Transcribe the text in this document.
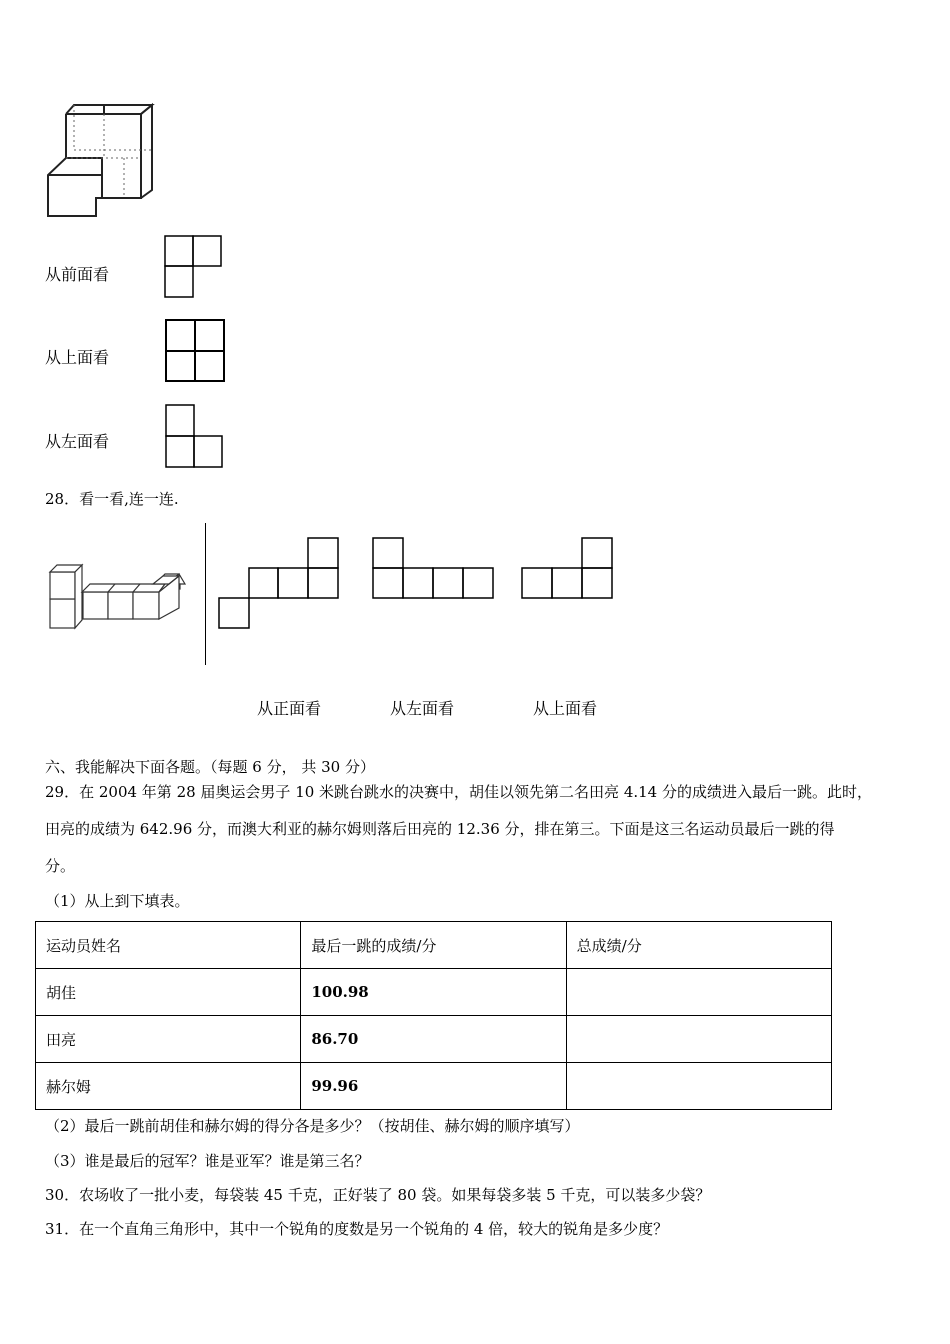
从前面看
从上面看
从左面看
28．看一看,连一连.
从正面看	从左面看	从上面看
六、我能解决下面各题。（每题 6 分， 共 30 分）
29．在 2004 年第 28 届奥运会男子 10 米跳台跳水的决赛中，胡佳以领先第二名田亮 4.14 分的成绩进入最后一跳。此时，
田亮的成绩为 642.96 分，而澳大利亚的赫尔姆则落后田亮的 12.36 分，排在第三。下面是这三名运动员最后一跳的得
分。
（1）从上到下填表。
运动员姓名	最后一跳的成绩/分	总成绩/分
胡佳	100.98	
田亮	86.70	
赫尔姆	99.96	
（2）最后一跳前胡佳和赫尔姆的得分各是多少？（按胡佳、赫尔姆的顺序填写）
（3）谁是最后的冠军？谁是亚军？谁是第三名？
30．农场收了一批小麦，每袋装 45 千克，正好装了 80 袋。如果每袋多装 5 千克，可以装多少袋？
31．在一个直角三角形中，其中一个锐角的度数是另一个锐角的 4 倍，较大的锐角是多少度？
